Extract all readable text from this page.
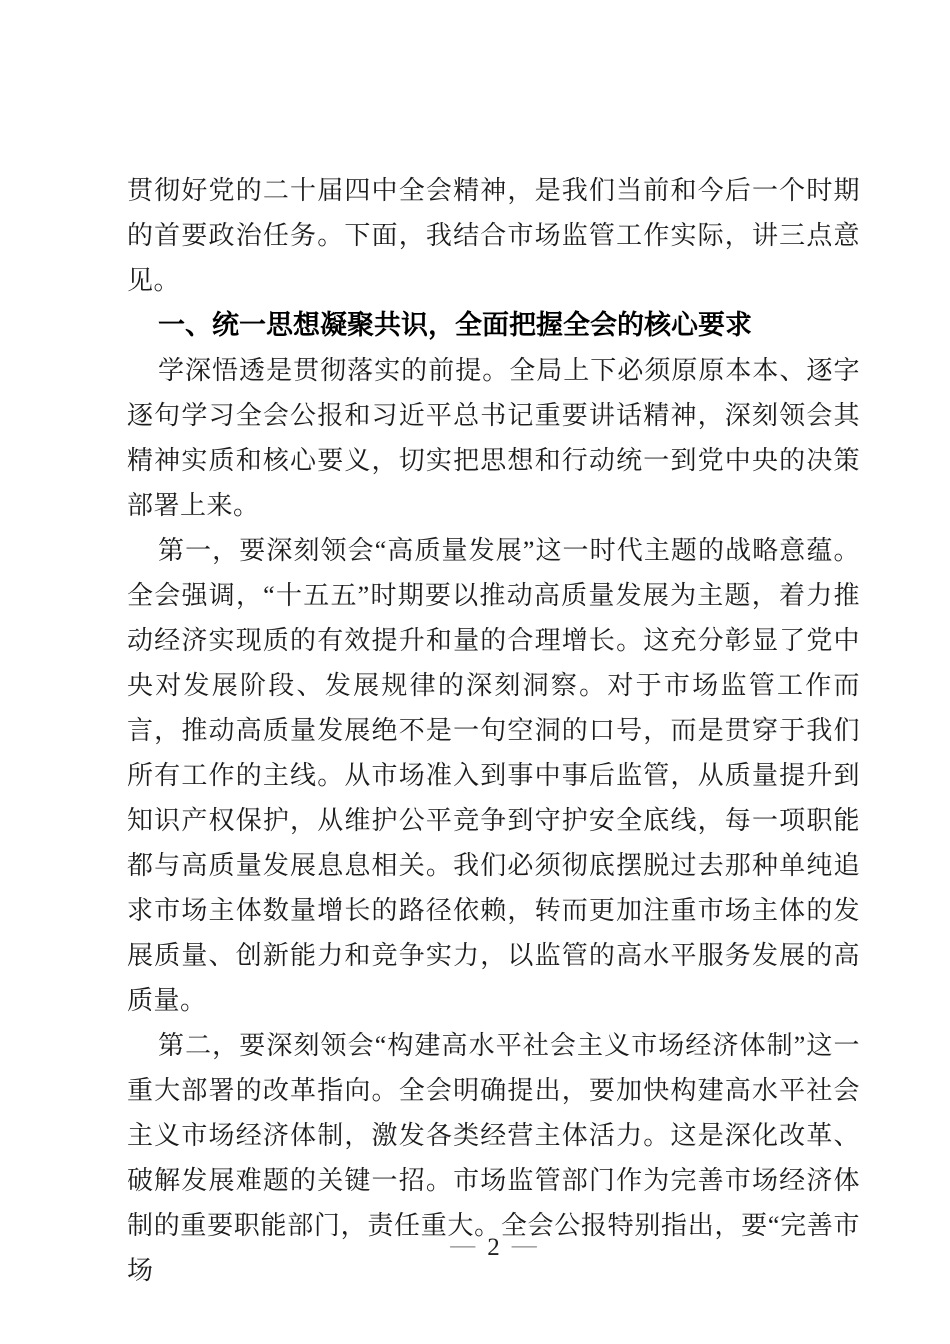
贯彻好党的二十届四中全会精神，是我们当前和今后一个时期的首要政治任务。下面，我结合市场监管工作实际，讲三点意见。

一、统一思想凝聚共识，全面把握全会的核心要求

学深悟透是贯彻落实的前提。全局上下必须原原本本、逐字逐句学习全会公报和习近平总书记重要讲话精神，深刻领会其精神实质和核心要义，切实把思想和行动统一到党中央的决策部署上来。

第一，要深刻领会“高质量发展”这一时代主题的战略意蕴。全会强调，“十五五”时期要以推动高质量发展为主题，着力推动经济实现质的有效提升和量的合理增长。这充分彰显了党中央对发展阶段、发展规律的深刻洞察。对于市场监管工作而言，推动高质量发展绝不是一句空洞的口号，而是贯穿于我们所有工作的主线。从市场准入到事中事后监管，从质量提升到知识产权保护，从维护公平竞争到守护安全底线，每一项职能都与高质量发展息息相关。我们必须彻底摆脱过去那种单纯追求市场主体数量增长的路径依赖，转而更加注重市场主体的发展质量、创新能力和竞争实力，以监管的高水平服务发展的高质量。

第二，要深刻领会“构建高水平社会主义市场经济体制”这一重大部署的改革指向。全会明确提出，要加快构建高水平社会主义市场经济体制，激发各类经营主体活力。这是深化改革、破解发展难题的关键一招。市场监管部门作为完善市场经济体制的重要职能部门，责任重大。全会公报特别指出，要“完善市场

— 2 —
